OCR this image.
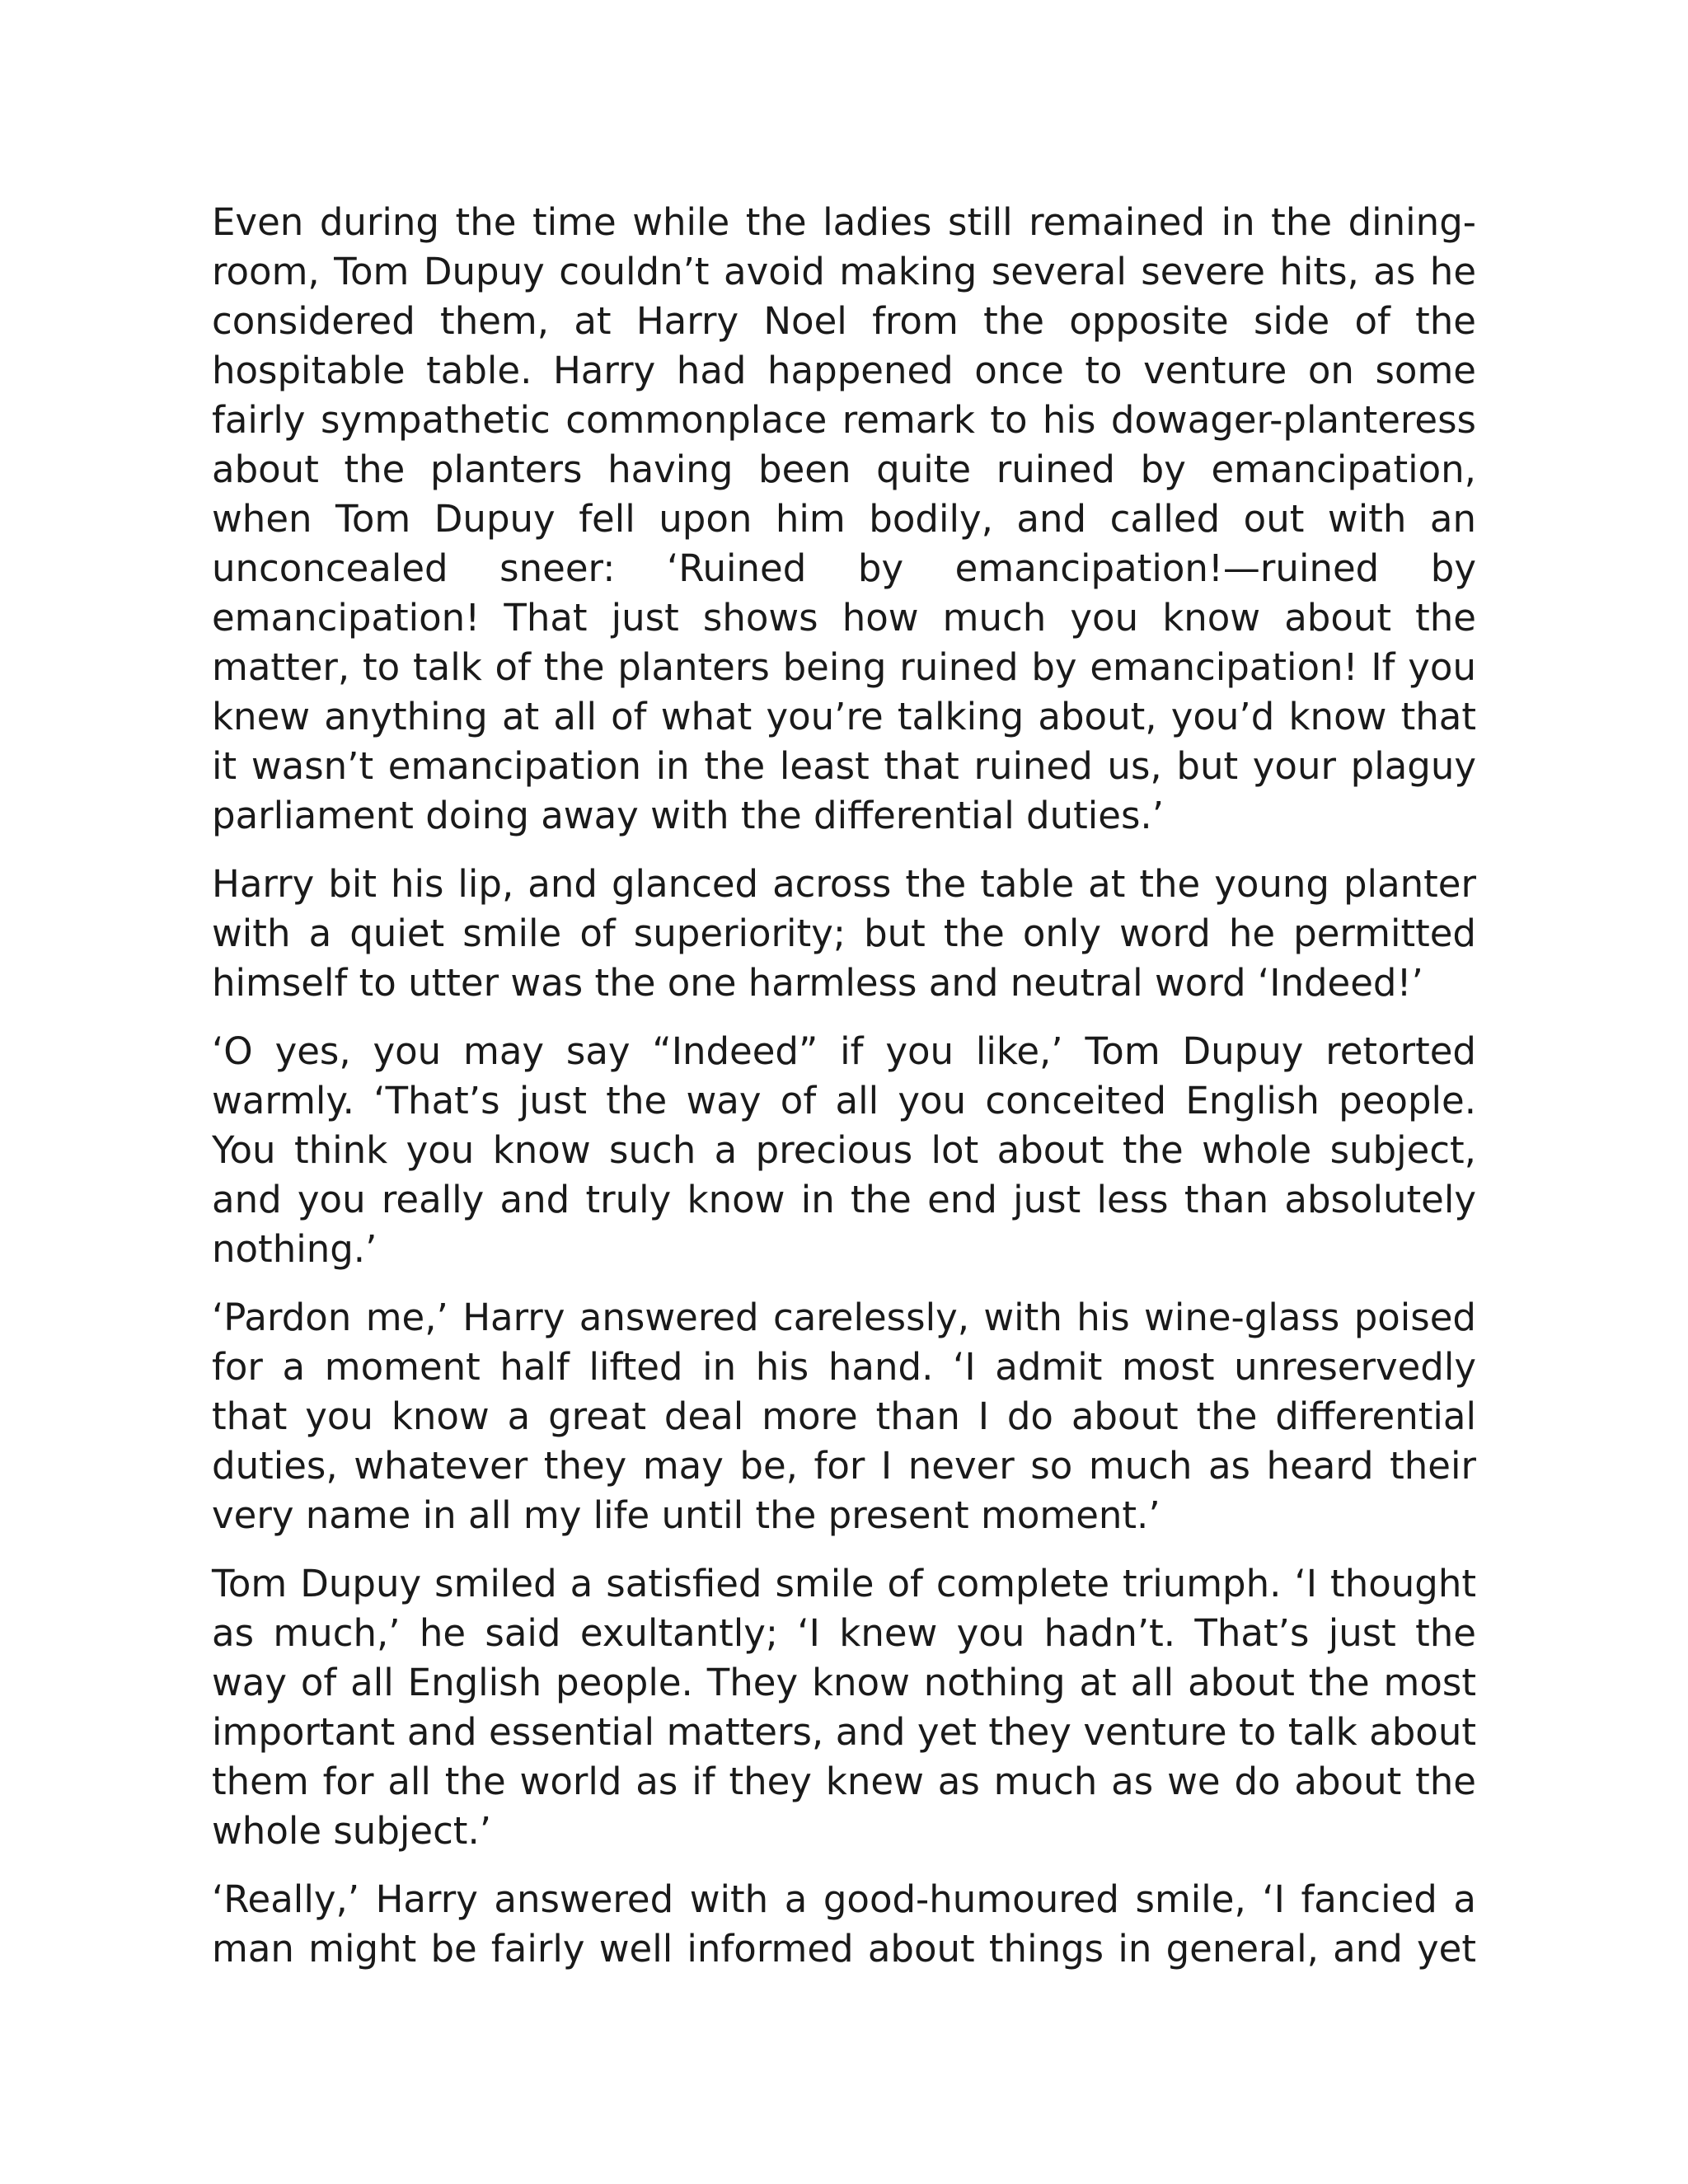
Even during the time while the ladies still remained in the dining-room, Tom Dupuy couldn’t avoid making several severe hits, as he considered them, at Harry Noel from the opposite side of the hospitable table. Harry had happened once to venture on some fairly sympathetic commonplace remark to his dowager-planteress about the planters having been quite ruined by emancipation, when Tom Dupuy fell upon him bodily, and called out with an unconcealed sneer: ‘Ruined by emancipation!—ruined by emancipation! That just shows how much you know about the matter, to talk of the planters being ruined by emancipation! If you knew anything at all of what you’re talking about, you’d know that it wasn’t emancipation in the least that ruined us, but your plaguy parliament doing away with the differential duties.’

Harry bit his lip, and glanced across the table at the young planter with a quiet smile of superiority; but the only word he permitted himself to utter was the one harmless and neutral word ‘Indeed!’

‘O yes, you may say “Indeed” if you like,’ Tom Dupuy retorted warmly. ‘That’s just the way of all you conceited English people. You think you know such a precious lot about the whole subject, and you really and truly know in the end just less than absolutely nothing.’

‘Pardon me,’ Harry answered carelessly, with his wine-glass poised for a moment half lifted in his hand. ‘I admit most unreservedly that you know a great deal more than I do about the differential duties, whatever they may be, for I never so much as heard their very name in all my life until the present moment.’

Tom Dupuy smiled a satisfied smile of complete triumph. ‘I thought as much,’ he said exultantly; ‘I knew you hadn’t. That’s just the way of all English people. They know nothing at all about the most important and essential matters, and yet they venture to talk about them for all the world as if they knew as much as we do about the whole subject.’

‘Really,’ Harry answered with a good-humoured smile, ‘I fancied a man might be fairly well informed about things in general, and yet
